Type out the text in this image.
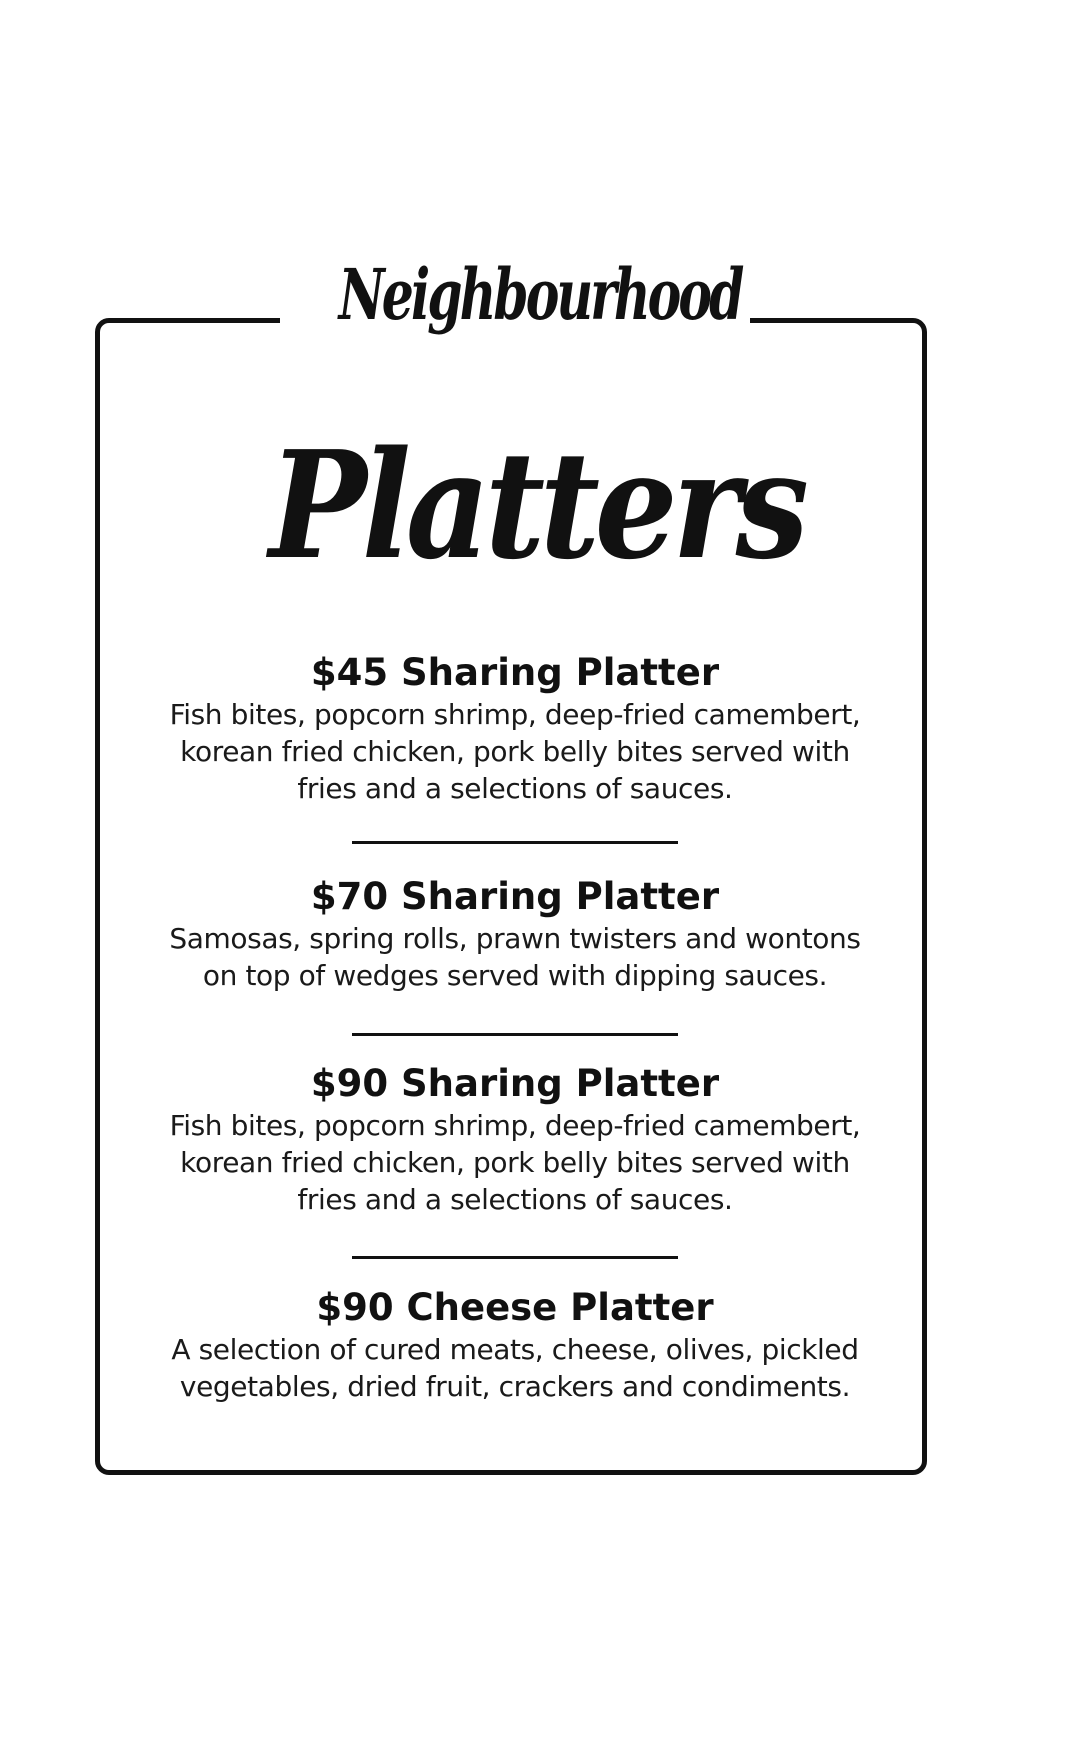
Neighbourhood
Platters

$45 Sharing Platter

Fish bites, popcorn shrimp, deep-fried camembert,

korean fried chicken, pork belly bites served with

fries and a selections of sauces.

$70 Sharing Platter

Samosas, spring rolls, prawn twisters and wontons

on top of wedges served with dipping sauces.

$90 Sharing Platter

Fish bites, popcorn shrimp, deep-fried camembert,

korean fried chicken, pork belly bites served with

fries and a selections of sauces.

$90 Cheese Platter

A selection of cured meats, cheese, olives, pickled

vegetables, dried fruit, crackers and condiments.
